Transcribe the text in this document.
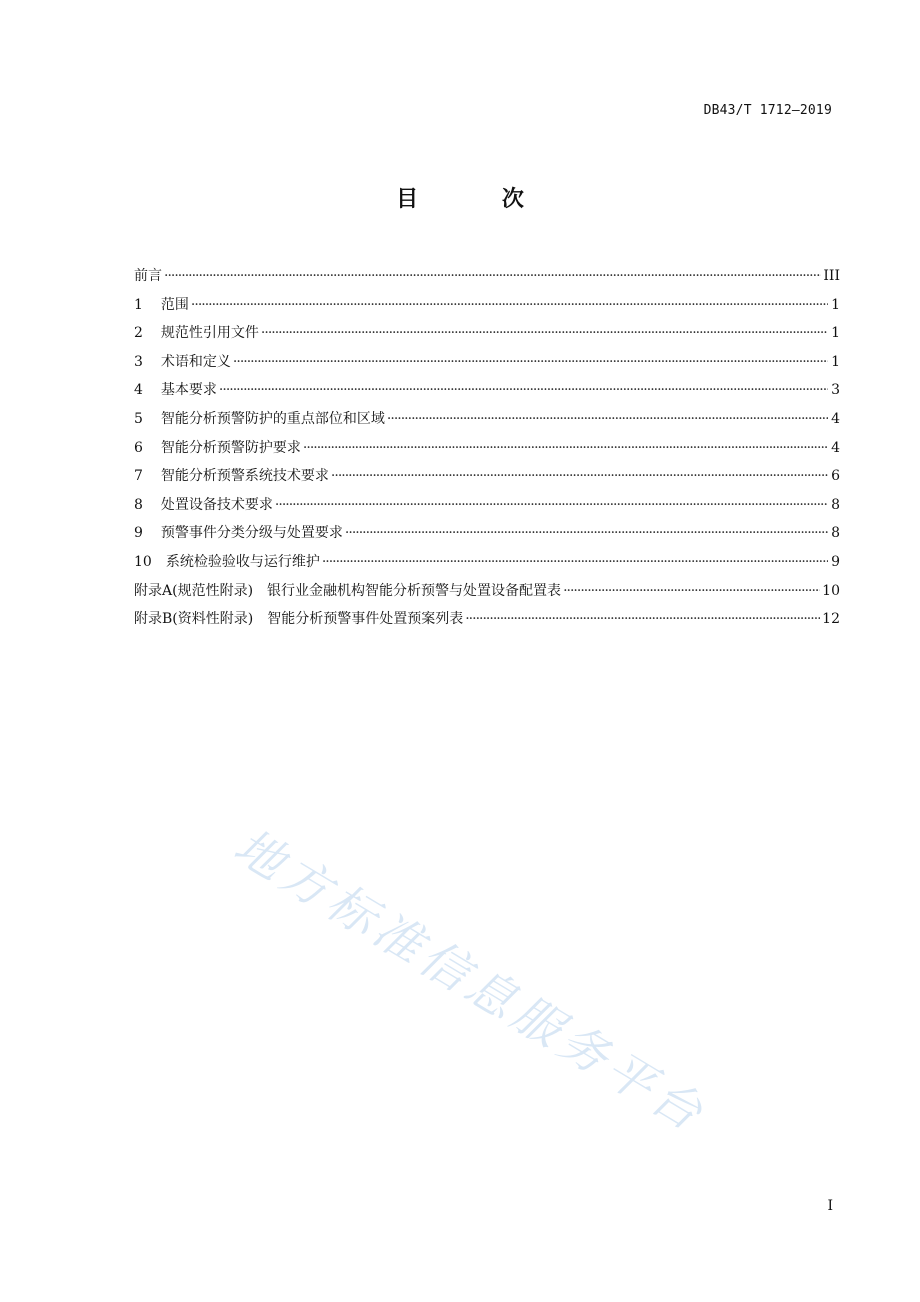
DB43/T 1712—2019
目 次
前言 ·····	III
1 范围 ·····	1
2 规范性引用文件 ·····	1
3 术语和定义 ·····	1
4 基本要求 ·····	3
5 智能分析预警防护的重点部位和区域 ·····	4
6 智能分析预警防护要求 ·····	4
7 智能分析预警系统技术要求 ·····	6
8 处置设备技术要求 ·····	8
9 预警事件分类分级与处置要求 ·····	8
10 系统检验验收与运行维护 ·····	9
附录A (规范性附录)　银行业金融机构智能分析预警与处置设备配置表 ·····	10
附录B (资料性附录)　智能分析预警事件处置预案列表 ·····	12
地方标准信息服务平台
I
